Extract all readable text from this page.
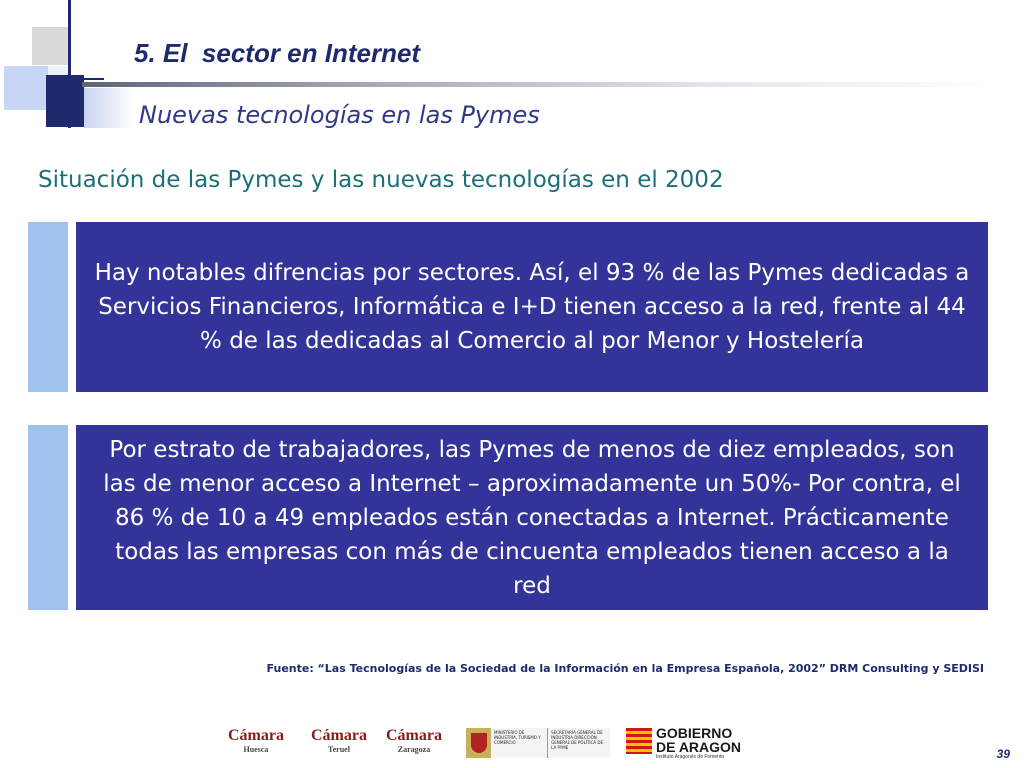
5. El  sector en Internet
Nuevas tecnologías en las Pymes
Situación de las Pymes y las nuevas tecnologías en el 2002
Hay notables difrencias por sectores. Así, el 93 % de las Pymes dedicadas a Servicios Financieros, Informática e I+D tienen acceso a la red, frente al 44 % de las dedicadas al Comercio al por Menor y Hostelería
Por estrato de trabajadores, las Pymes de menos de diez empleados, son las de menor acceso a Internet – aproximadamente un 50%- Por contra, el 86 % de 10 a 49 empleados están conectadas a Internet. Prácticamente todas las empresas con más de cincuenta empleados tienen acceso a la red
Fuente: “Las Tecnologías de la Sociedad de la Información en la Empresa Española, 2002” DRM Consulting y SEDISI
Cámara
Huesca
Cámara
Teruel
Cámara
Zaragoza
MINISTERIO DE INDUSTRIA, TURISMO Y COMERCIO
SECRETARÍA GENERAL DE INDUSTRIA DIRECCIÓN GENERAL DE POLÍTICA DE LA PYME
GOBIERNO
DE ARAGON
Instituto Aragonés de Fomento	39
